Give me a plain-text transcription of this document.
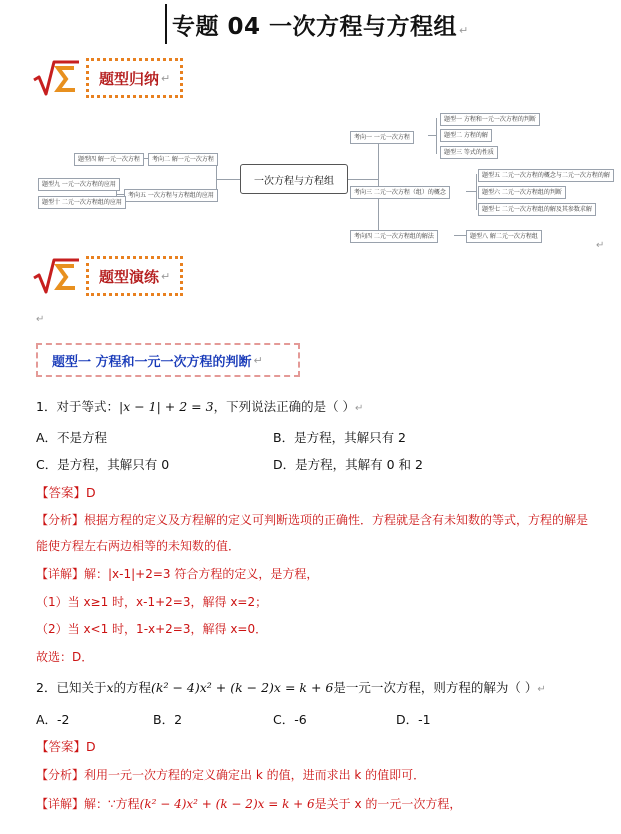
专题 04 一次方程与方程组 ↵
题型归纳 ↵
一次方程与方程组
考向一 一元一次方程
题型一 方程和一元一次方程的判断
题型二 方程的解
题型三 等式的性质
考向三 二元一次方程（组）的概念
题型五 二元一次方程的概念与二元一次方程的解
题型六 二元一次方程组的判断
题型七 二元一次方程组的解及其参数求解
考向四 二元一次方程组的解法	题型八 解二元一次方程组
考向二 解一元一次方程
题型四 解一元一次方程
考向五 一次方程与方程组的应用
题型九 一元一次方程的应用
题型十 二元一次方程组的应用
↵
题型演练 ↵
↵
题型一 方程和一元一次方程的判断 ↵
1．对于等式：|x − 1| + 2 = 3，下列说法正确的是（ ）↵
A．不是方程	B．是方程，其解只有 2
C．是方程，其解只有 0	D．是方程，其解有 0 和 2
【答案】D
【分析】根据方程的定义及方程解的定义可判断选项的正确性．方程就是含有未知数的等式，方程的解是
能使方程左右两边相等的未知数的值．
【详解】解：|x-1|+2=3 符合方程的定义，是方程，
（1）当 x≥1 时，x-1+2=3，解得 x=2；
（2）当 x<1 时，1-x+2=3，解得 x=0．
故选：D．
2．已知关于x的方程(k² − 4)x² + (k − 2)x = k + 6是一元一次方程，则方程的解为（ ）↵
A．-2	B．2	C．-6	D．-1
【答案】D
【分析】利用一元一次方程的定义确定出 k 的值，进而求出 k 的值即可．
【详解】解：∵方程(k² − 4)x² + (k − 2)x = k + 6是关于 x 的一元一次方程，
